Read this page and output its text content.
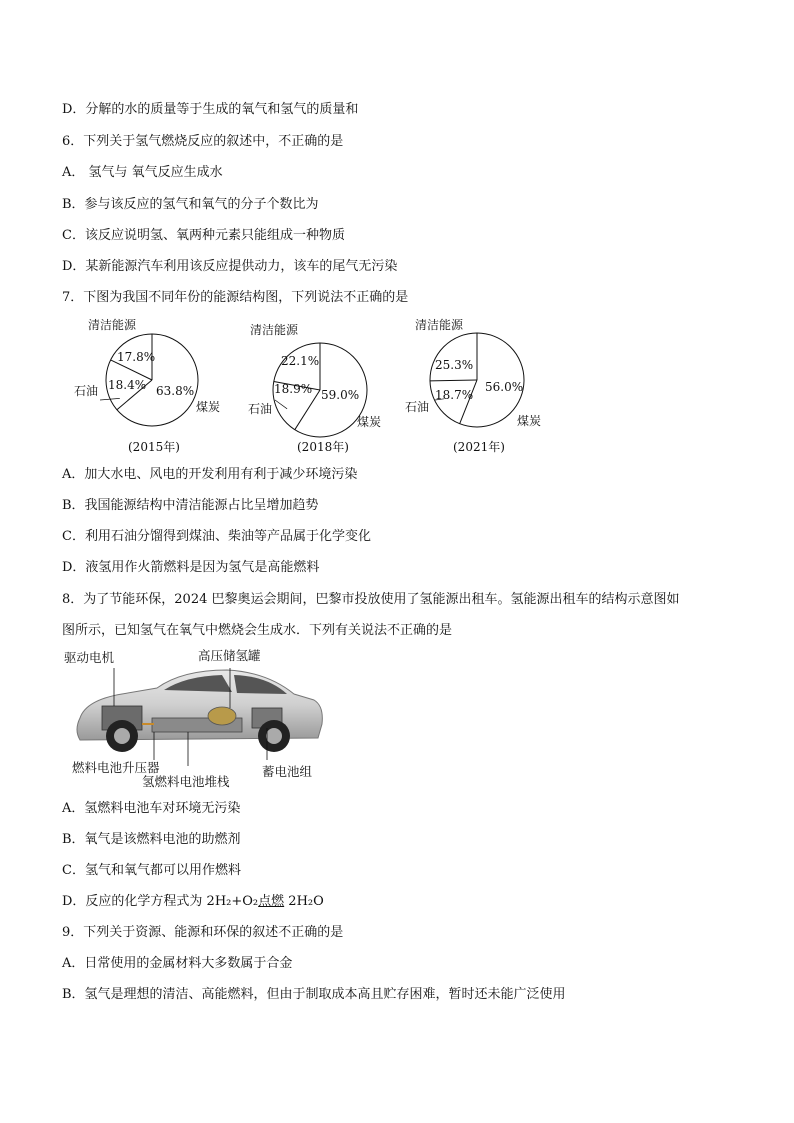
D．分解的水的质量等于生成的氧气和氢气的质量和
6．下列关于氢气燃烧反应的叙述中，不正确的是
A． 氢气与 氧气反应生成水
B．参与该反应的氢气和氧气的分子个数比为
C．该反应说明氢、氧两种元素只能组成一种物质
D．某新能源汽车利用该反应提供动力，该车的尾气无污染
7．下图为我国不同年份的能源结构图，下列说法不正确的是
清洁能源
石油
煤炭
17.8%
18.4% 63.8%
(2015年)
清洁能源
石油
煤炭
22.1%
18.9% 59.0%
(2018年)
清洁能源
石油
煤炭
25.3%
18.7%
56.0%
(2021年)
A．加大水电、风电的开发利用有利于减少环境污染
B．我国能源结构中清洁能源占比呈增加趋势
C．利用石油分馏得到煤油、柴油等产品属于化学变化
D．液氢用作火箭燃料是因为氢气是高能燃料
8．为了节能环保，2024 巴黎奥运会期间，巴黎市投放使用了氢能源出租车。氢能源出租车的结构示意图如
图所示，已知氢气在氧气中燃烧会生成水．下列有关说法不正确的是
驱动电机	高压储氢罐
燃料电池升压器
氢燃料电池堆栈
蓄电池组
A．氢燃料电池车对环境无污染
B．氧气是该燃料电池的助燃剂
C．氢气和氧气都可以用作燃料
D．反应的化学方程式为 2H₂+O₂点燃 2H₂O
9．下列关于资源、能源和环保的叙述不正确的是
A．日常使用的金属材料大多数属于合金
B．氢气是理想的清洁、高能燃料，但由于制取成本高且贮存困难，暂时还未能广泛使用
